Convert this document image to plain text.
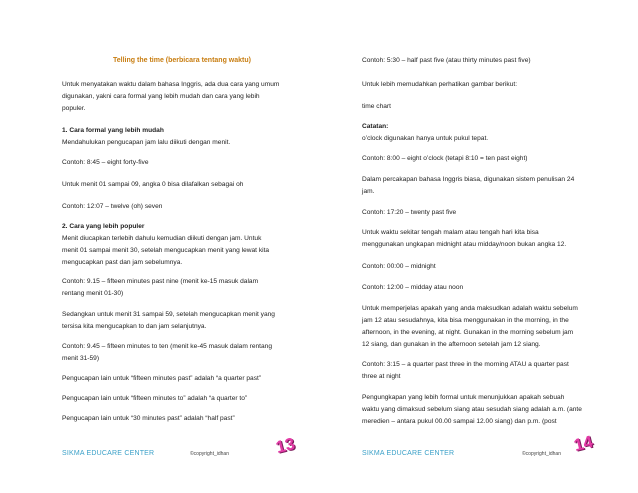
Telling the time (berbicara tentang waktu)
Untuk menyatakan waktu dalam bahasa Inggris, ada dua cara yang umum
digunakan, yakni cara formal yang lebih mudah dan cara yang lebih
populer.
1. Cara formal yang lebih mudah
Mendahulukan pengucapan jam lalu diikuti dengan menit.
Contoh: 8:45 – eight forty-five
Untuk menit 01 sampai 09, angka 0 bisa dilafalkan sebagai oh
Contoh: 12:07 – twelve (oh) seven
2. Cara yang lebih populer
Menit diucapkan terlebih dahulu kemudian diikuti dengan jam. Untuk
menit 01 sampai menit 30, setelah mengucapkan menit yang lewat kita
mengucapkan past dan jam sebelumnya.
Contoh: 9.15 – fifteen minutes past nine (menit ke-15 masuk dalam
rentang menit 01-30)
Sedangkan untuk menit 31 sampai 59, setelah mengucapkan menit yang
tersisa kita mengucapkan to dan jam selanjutnya.
Contoh: 9.45 – fifteen minutes to ten (menit ke-45 masuk dalam rentang
menit 31-59)
Pengucapan lain untuk “fifteen minutes past” adalah “a quarter past”
Pengucapan lain untuk “fifteen minutes to” adalah “a quarter to”
Pengucapan lain untuk “30 minutes past” adalah “half past”
SIKMA EDUCARE CENTER	©copyright_idhan	13
Contoh: 5:30 – half past five (atau thirty minutes past five)
Untuk lebih memudahkan perhatikan gambar berikut:
time chart
Catatan:
o’clock digunakan hanya untuk pukul tepat.
Contoh: 8:00 – eight o’clock (tetapi 8:10 = ten past eight)
Dalam percakapan bahasa Inggris biasa, digunakan sistem penulisan 24
jam.
Contoh: 17:20 – twenty past five
Untuk waktu sekitar tengah malam atau tengah hari kita bisa
menggunakan ungkapan midnight atau midday/noon bukan angka 12.
Contoh: 00:00 – midnight
Contoh: 12:00 – midday atau noon
Untuk memperjelas apakah yang anda maksudkan adalah waktu sebelum
jam 12 atau sesudahnya, kita bisa menggunakan in the morning, in the
afternoon, in the evening, at night. Gunakan in the morning sebelum jam
12 siang, dan gunakan in the afternoon setelah jam 12 siang.
Contoh: 3:15 – a quarter past three in the morning ATAU a quarter past
three at night
Pengungkapan yang lebih formal untuk menunjukkan apakah sebuah
waktu yang dimaksud sebelum siang atau sesudah siang adalah a.m. (ante
meredien – antara pukul 00.00 sampai 12.00 siang) dan p.m. (post
SIKMA EDUCARE CENTER	©copyright_idhan 14
